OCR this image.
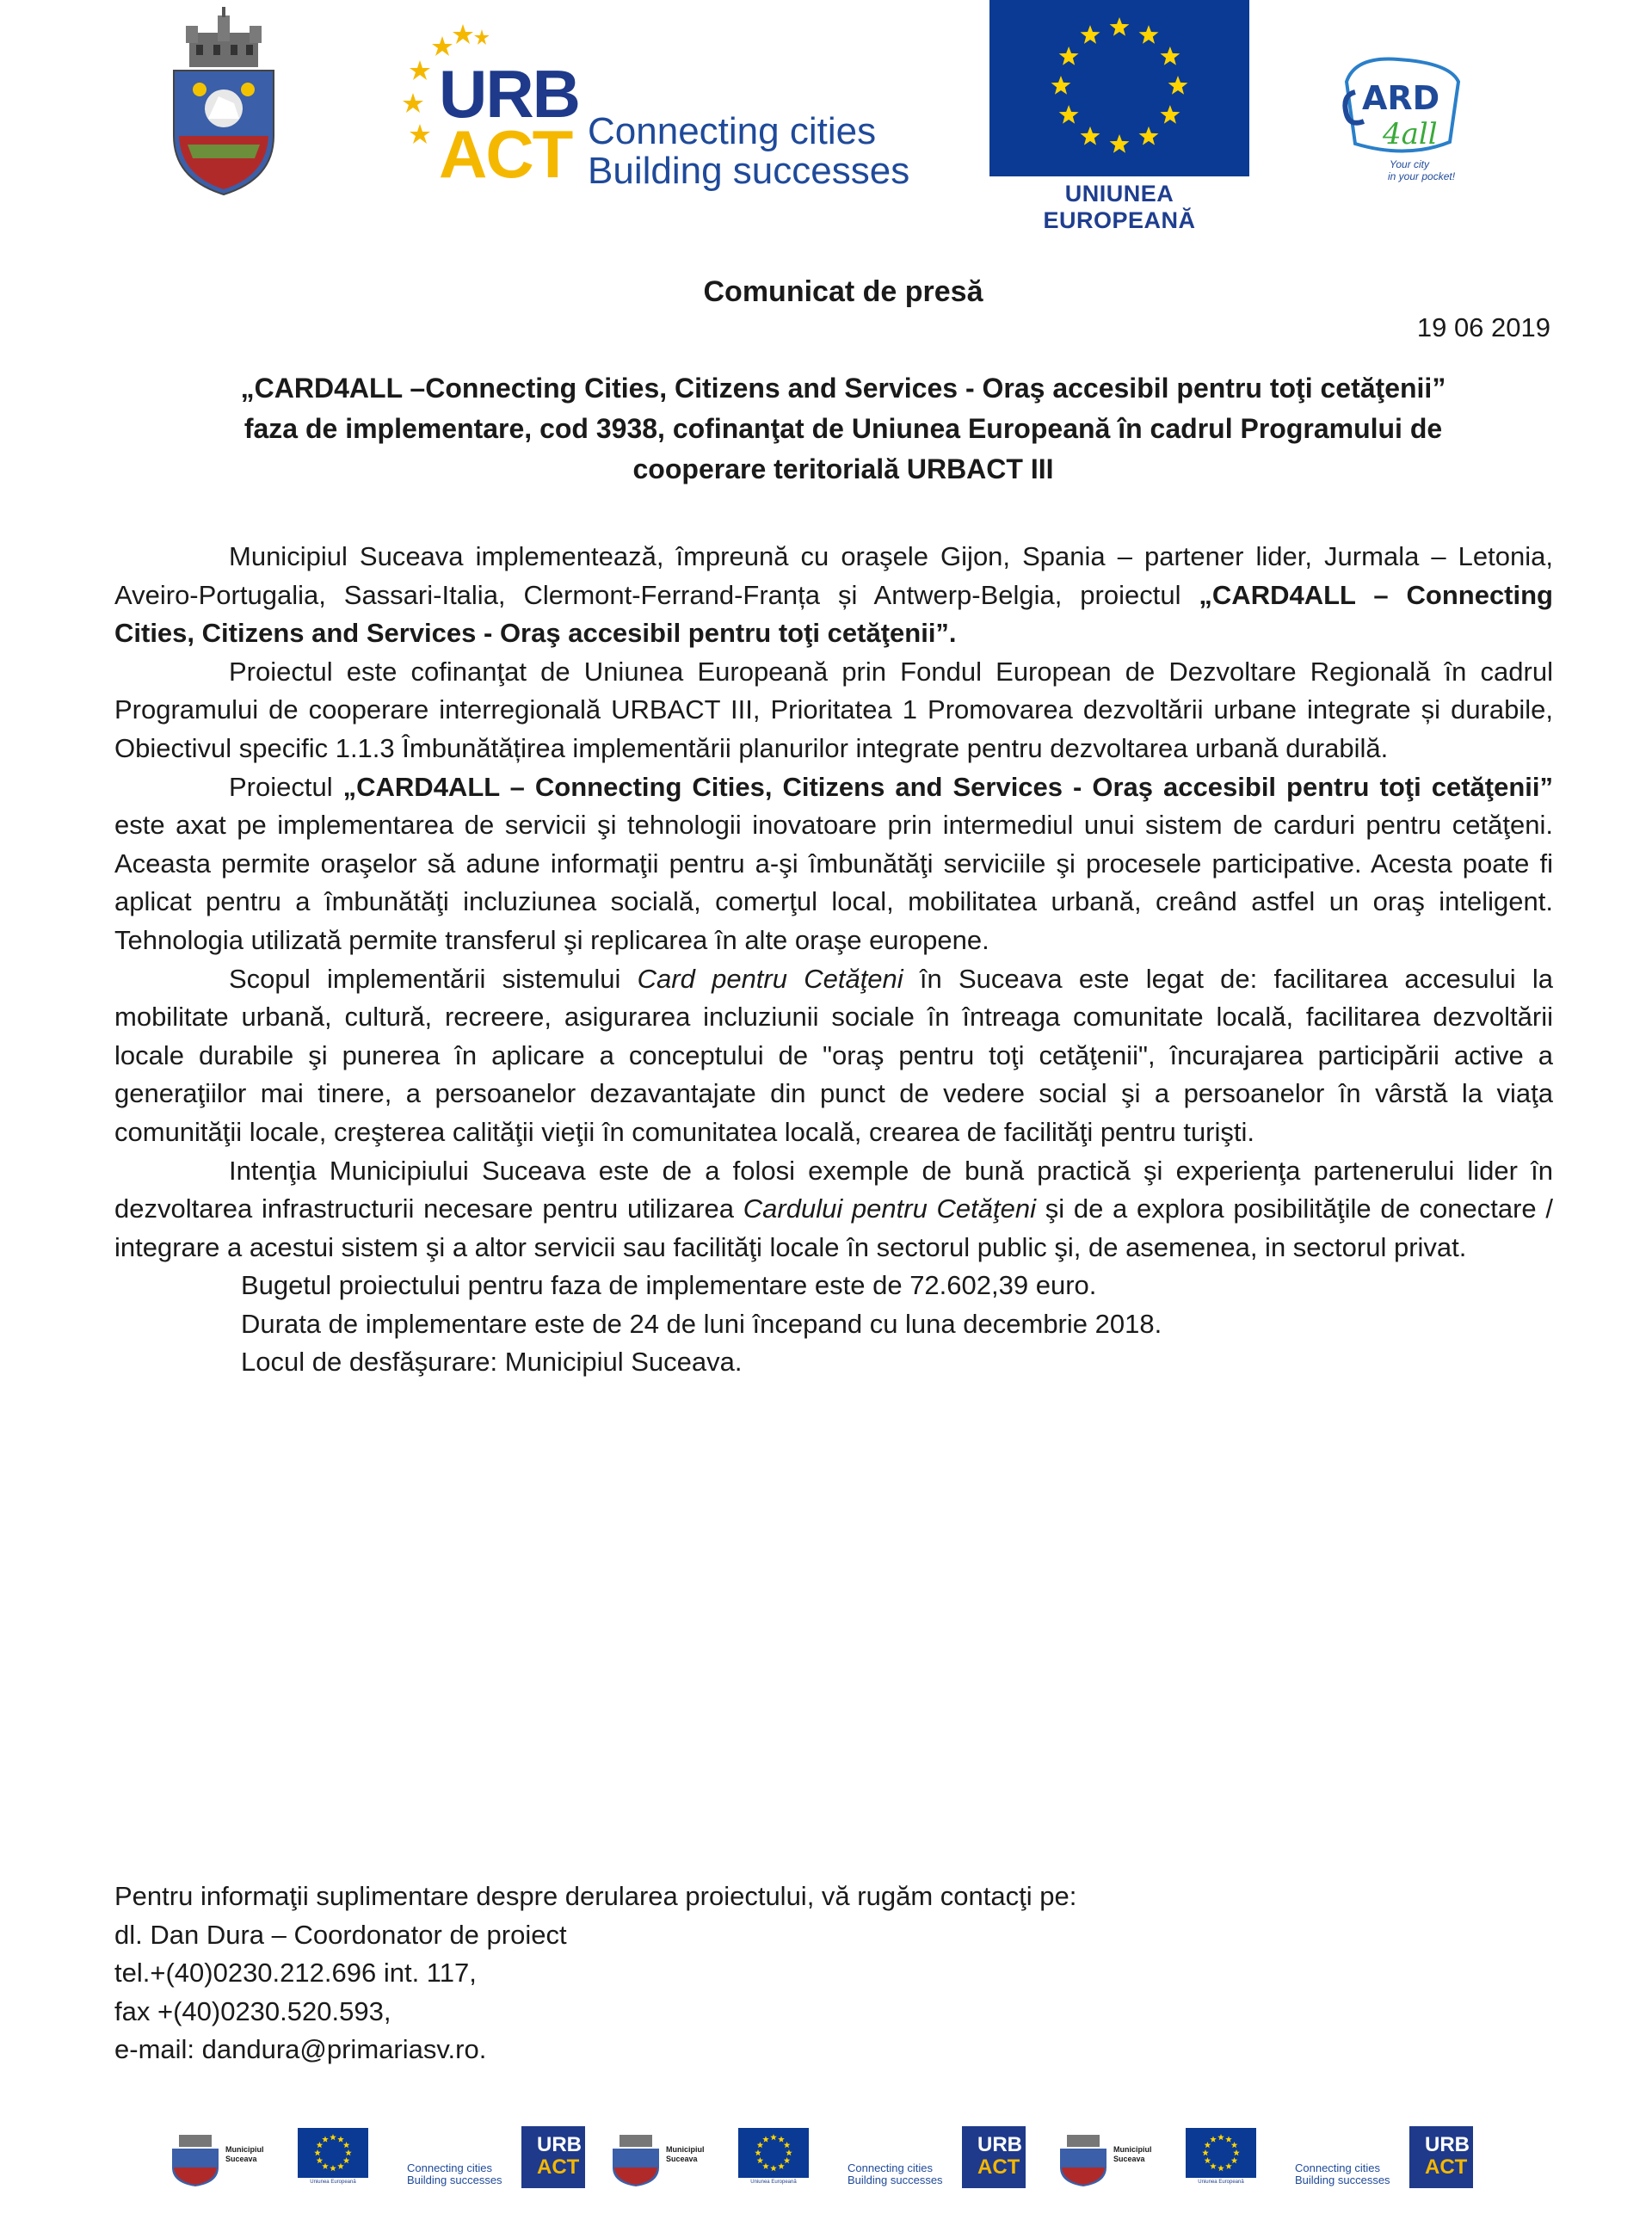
URB
ACT Connecting cities
Building successes
UNIUNEA EUROPEANĂ
ARD
4all
Your city
in your pocket!
Comunicat de presă
19 06 2019
„CARD4ALL –Connecting Cities, Citizens and Services - Oraş accesibil pentru toţi cetăţenii”
faza de implementare, cod 3938, cofinanţat de Uniunea Europeană în cadrul Programului de
cooperare teritorială URBACT III

Municipiul Suceava implementează, împreună cu oraşele Gijon, Spania – partener lider, Jurmala – Letonia, Aveiro-Portugalia, Sassari-Italia, Clermont-Ferrand-Franța și Antwerp-Belgia, proiectul „CARD4ALL – Connecting Cities, Citizens and Services - Oraş accesibil pentru toţi cetăţenii”.

Proiectul este cofinanţat de Uniunea Europeană prin Fondul European de Dezvoltare Regională în cadrul Programului de cooperare interregională URBACT III, Prioritatea 1 Promovarea dezvoltării urbane integrate și durabile, Obiectivul specific 1.1.3 Îmbunătățirea implementării planurilor integrate pentru dezvoltarea urbană durabilă.

Proiectul „CARD4ALL – Connecting Cities, Citizens and Services - Oraş accesibil pentru toţi cetăţenii” este axat pe implementarea de servicii şi tehnologii inovatoare prin intermediul unui sistem de carduri pentru cetăţeni. Aceasta permite oraşelor să adune informaţii pentru a-şi îmbunătăţi serviciile şi procesele participative. Acesta poate fi aplicat pentru a îmbunătăţi incluziunea socială, comerţul local, mobilitatea urbană, creând astfel un oraş inteligent. Tehnologia utilizată permite transferul şi replicarea în alte oraşe europene.

Scopul implementării sistemului Card pentru Cetăţeni în Suceava este legat de: facilitarea accesului la mobilitate urbană, cultură, recreere, asigurarea incluziunii sociale în întreaga comunitate locală, facilitarea dezvoltării locale durabile şi punerea în aplicare a conceptului de "oraş pentru toţi cetăţenii", încurajarea participării active a generaţiilor mai tinere, a persoanelor dezavantajate din punct de vedere social şi a persoanelor în vârstă la viaţa comunităţii locale, creşterea calităţii vieţii în comunitatea locală, crearea de facilităţi pentru turişti.

Intenţia Municipiului Suceava este de a folosi exemple de bună practică şi experienţa partenerului lider în dezvoltarea infrastructurii necesare pentru utilizarea Cardului pentru Cetăţeni şi de a explora posibilităţile de conectare / integrare a acestui sistem şi a altor servicii sau facilităţi locale în sectorul public şi, de asemenea, in sectorul privat.

Bugetul proiectului pentru faza de implementare este de 72.602,39 euro.

Durata de implementare este de 24 de luni începand cu luna decembrie 2018.

Locul de desfăşurare: Municipiul Suceava.

Pentru informaţii suplimentare despre derularea proiectului, vă rugăm contacţi pe:
dl. Dan Dura – Coordonator de proiect
tel.+(40)0230.212.696 int. 117,
fax +(40)0230.520.593,
e-mail: dandura@primariasv.ro.
Municipiul
Suceava
Uniunea Europeană
Connecting cities
Building successes
URB
ACT
Municipiul
Suceava
Uniunea Europeană
Connecting cities
Building successes
URB
ACT
Municipiul
Suceava
Uniunea Europeană
Connecting cities
Building successes
URB
ACT
